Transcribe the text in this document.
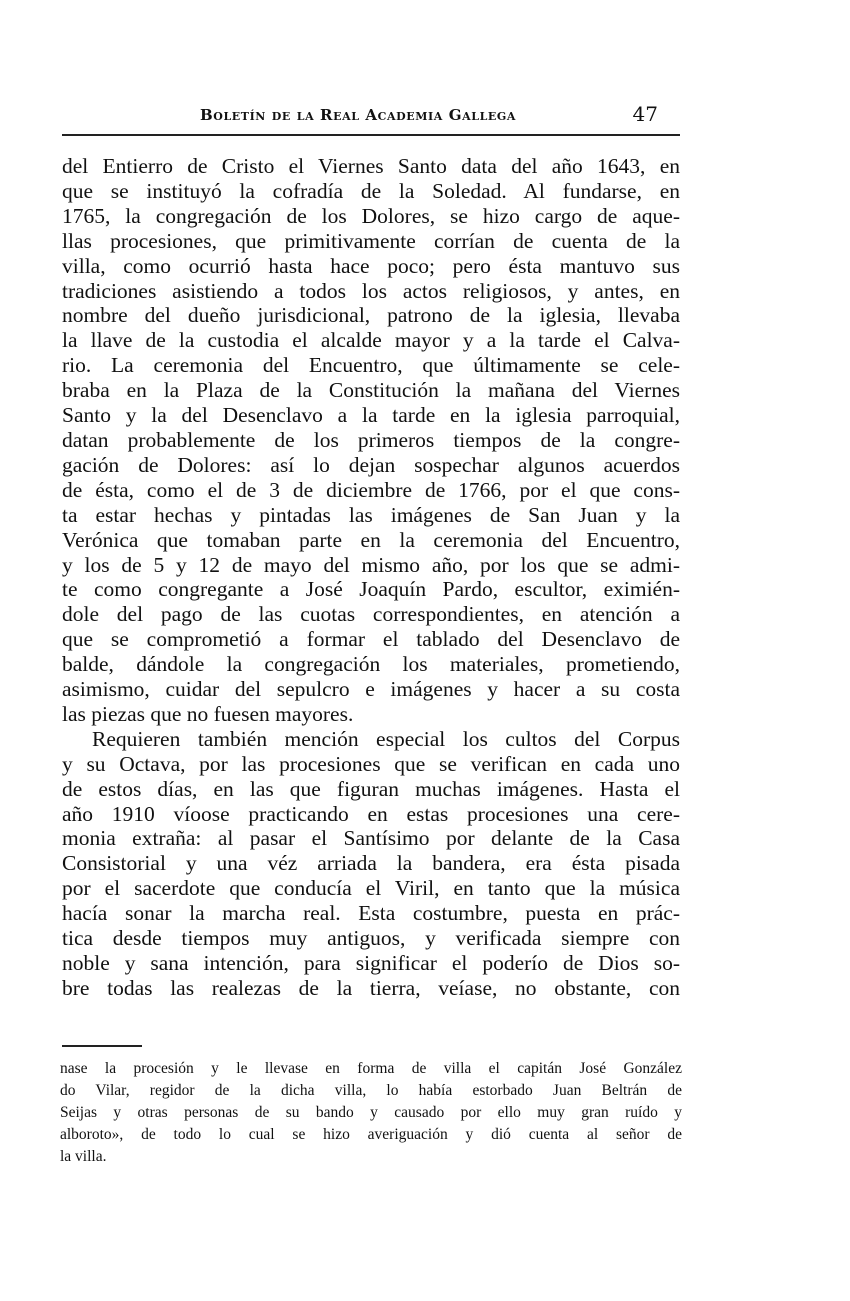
Boletín de la Real Academia Gallega	47
del Entierro de Cristo el Viernes Santo data del año 1643, en
que se instituyó la cofradía de la Soledad. Al fundarse, en
1765, la congregación de los Dolores, se hizo cargo de aque-
llas procesiones, que primitivamente corrían de cuenta de la
villa, como ocurrió hasta hace poco; pero ésta mantuvo sus
tradiciones asistiendo a todos los actos religiosos, y antes, en
nombre del dueño jurisdicional, patrono de la iglesia, llevaba
la llave de la custodia el alcalde mayor y a la tarde el Calva-
rio. La ceremonia del Encuentro, que últimamente se cele-
braba en la Plaza de la Constitución la mañana del Viernes
Santo y la del Desenclavo a la tarde en la iglesia parroquial,
datan probablemente de los primeros tiempos de la congre-
gación de Dolores: así lo dejan sospechar algunos acuerdos
de ésta, como el de 3 de diciembre de 1766, por el que cons-
ta estar hechas y pintadas las imágenes de San Juan y la
Verónica que tomaban parte en la ceremonia del Encuentro,
y los de 5 y 12 de mayo del mismo año, por los que se admi-
te como congregante a José Joaquín Pardo, escultor, eximién-
dole del pago de las cuotas correspondientes, en atención a
que se comprometió a formar el tablado del Desenclavo de
balde, dándole la congregación los materiales, prometiendo,
asimismo, cuidar del sepulcro e imágenes y hacer a su costa
las piezas que no fuesen mayores.
Requieren también mención especial los cultos del Corpus
y su Octava, por las procesiones que se verifican en cada uno
de estos días, en las que figuran muchas imágenes. Hasta el
año 1910 víoose practicando en estas procesiones una cere-
monia extraña: al pasar el Santísimo por delante de la Casa
Consistorial y una véz arriada la bandera, era ésta pisada
por el sacerdote que conducía el Viril, en tanto que la música
hacía sonar la marcha real. Esta costumbre, puesta en prác-
tica desde tiempos muy antiguos, y verificada siempre con
noble y sana intención, para significar el poderío de Dios so-
bre todas las realezas de la tierra, veíase, no obstante, con
nase la procesión y le llevase en forma de villa el capitán José González
do Vilar, regidor de la dicha villa, lo había estorbado Juan Beltrán de
Seijas y otras personas de su bando y causado por ello muy gran ruído y
alboroto», de todo lo cual se hizo averiguación y dió cuenta al señor de
la villa.
